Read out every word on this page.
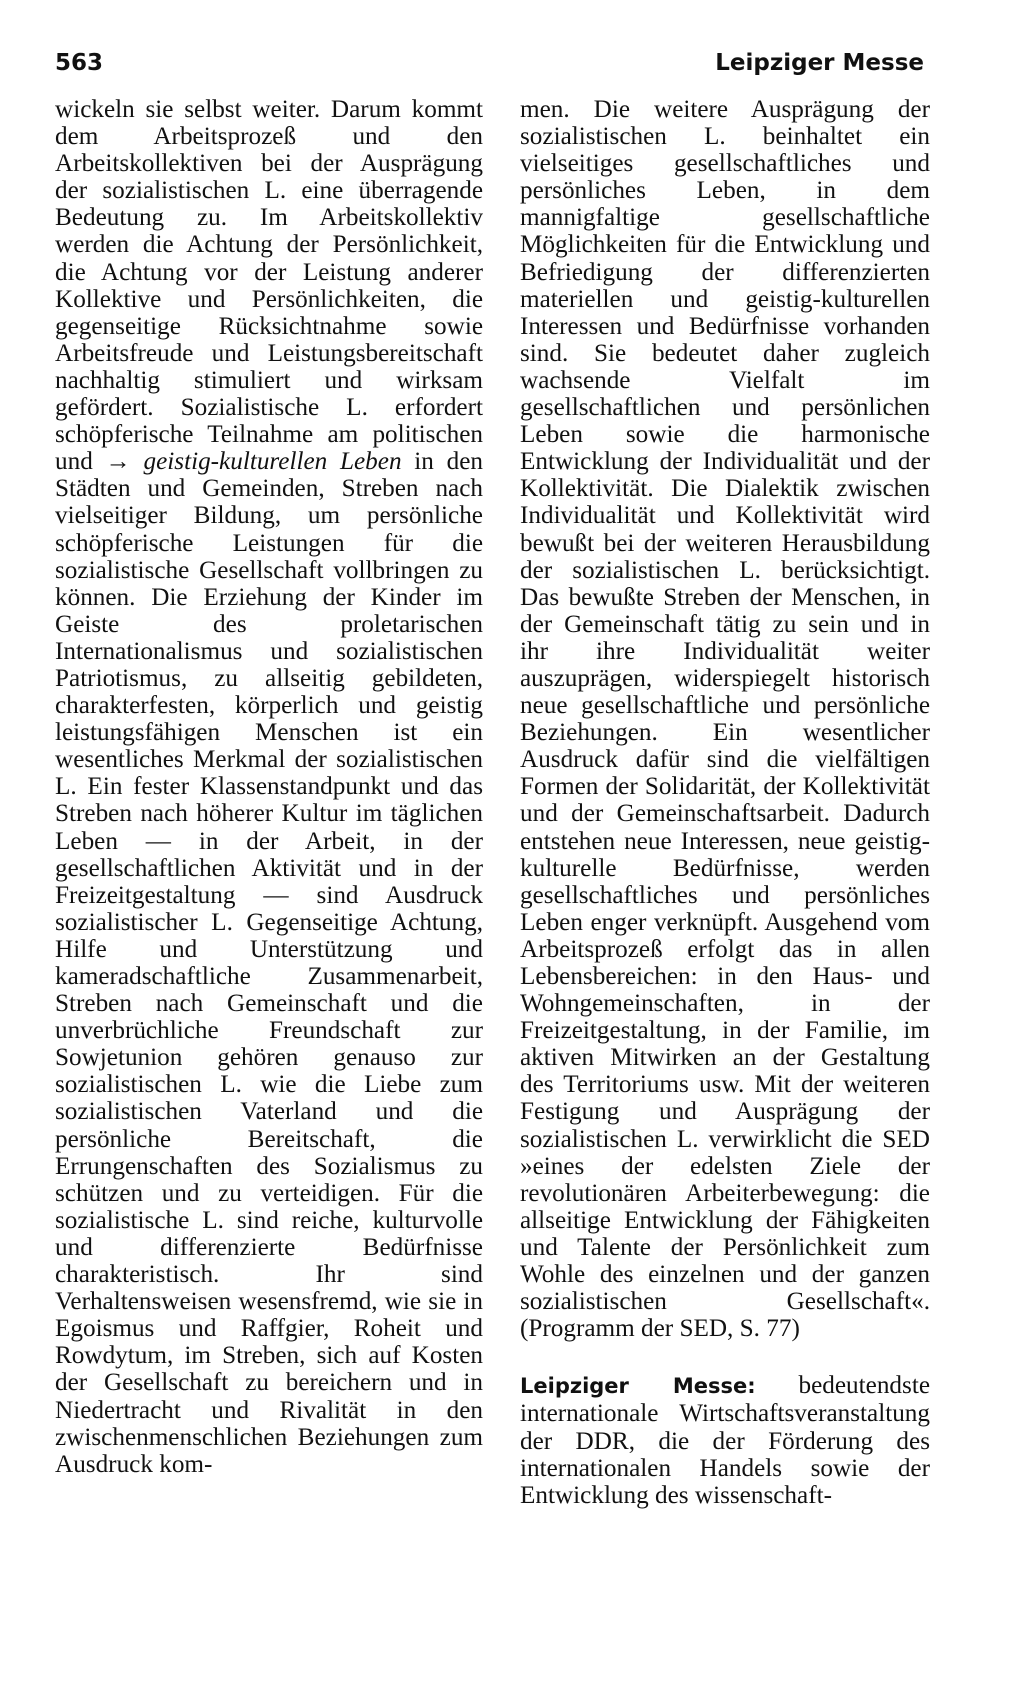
563	Leipziger Messe

wickeln sie selbst weiter. Darum kommt dem Arbeitsprozeß und den Arbeitskollektiven bei der Ausprägung der sozialistischen L. eine überragende Bedeutung zu. Im Arbeitskollektiv werden die Achtung der Persönlichkeit, die Achtung vor der Leistung anderer Kollektive und Persönlichkeiten, die gegenseitige Rücksichtnahme sowie Arbeitsfreude und Leistungsbereitschaft nachhaltig stimuliert und wirksam gefördert. Sozialistische L. erfordert schöpferische Teilnahme am politischen und → geistig-kulturellen Leben in den Städten und Gemeinden, Streben nach vielseitiger Bildung, um persönliche schöpferische Leistungen für die sozialistische Gesellschaft vollbringen zu können. Die Erziehung der Kinder im Geiste des proletarischen Internationalismus und sozialistischen Patriotismus, zu allseitig gebildeten, charakterfesten, körperlich und geistig leistungsfähigen Menschen ist ein wesentliches Merkmal der sozialistischen L. Ein fester Klassenstandpunkt und das Streben nach höherer Kultur im täglichen Leben — in der Arbeit, in der gesellschaftlichen Aktivität und in der Freizeitgestaltung — sind Ausdruck sozialistischer L. Gegenseitige Achtung, Hilfe und Unterstützung und kameradschaftliche Zusammenarbeit, Streben nach Gemeinschaft und die unverbrüchliche Freundschaft zur Sowjetunion gehören genauso zur sozialistischen L. wie die Liebe zum sozialistischen Vaterland und die persönliche Bereitschaft, die Errungenschaften des Sozialismus zu schützen und zu verteidigen. Für die sozialistische L. sind reiche, kulturvolle und differenzierte Bedürfnisse charakteristisch. Ihr sind Verhaltensweisen wesensfremd, wie sie in Egoismus und Raffgier, Roheit und Rowdytum, im Streben, sich auf Kosten der Gesellschaft zu bereichern und in Niedertracht und Rivalität in den zwischenmenschlichen Beziehungen zum Ausdruck kom-

men. Die weitere Ausprägung der sozialistischen L. beinhaltet ein vielseitiges gesellschaftliches und persönliches Leben, in dem mannigfaltige gesellschaftliche Möglichkeiten für die Entwicklung und Befriedigung der differenzierten materiellen und geistig-kulturellen Interessen und Bedürfnisse vorhanden sind. Sie bedeutet daher zugleich wachsende Vielfalt im gesellschaftlichen und persönlichen Leben sowie die harmonische Entwicklung der Individualität und der Kollektivität. Die Dialektik zwischen Individualität und Kollektivität wird bewußt bei der weiteren Herausbildung der sozialistischen L. berücksichtigt. Das bewußte Streben der Menschen, in der Gemeinschaft tätig zu sein und in ihr ihre Individualität weiter auszuprägen, widerspiegelt historisch neue gesellschaftliche und persönliche Beziehungen. Ein wesentlicher Ausdruck dafür sind die vielfältigen Formen der Solidarität, der Kollektivität und der Gemeinschaftsarbeit. Dadurch entstehen neue Interessen, neue geistig-kulturelle Bedürfnisse, werden gesellschaftliches und persönliches Leben enger verknüpft. Ausgehend vom Arbeitsprozeß erfolgt das in allen Lebensbereichen: in den Haus- und Wohngemeinschaften, in der Freizeitgestaltung, in der Familie, im aktiven Mitwirken an der Gestaltung des Territoriums usw. Mit der weiteren Festigung und Ausprägung der sozialistischen L. verwirklicht die SED »eines der edelsten Ziele der revolutionären Arbeiterbewegung: die allseitige Entwicklung der Fähigkeiten und Talente der Persönlichkeit zum Wohle des einzelnen und der ganzen sozialistischen Gesellschaft«. (Programm der SED, S. 77)

Leipziger Messe: bedeutendste internationale Wirtschaftsveranstaltung der DDR, die der Förderung des internationalen Handels sowie der Entwicklung des wissenschaft-
